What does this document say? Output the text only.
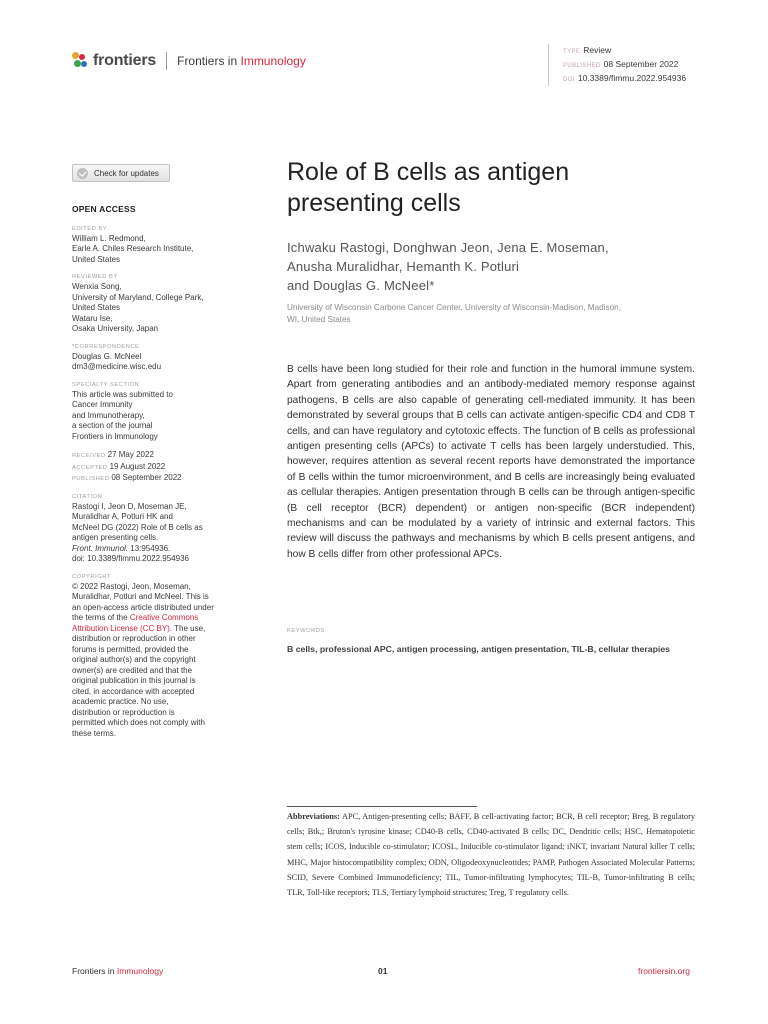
frontiers Frontiers in Immunology
TYPE Review
PUBLISHED 08 September 2022
DOI 10.3389/fimmu.2022.954936
Check for updates
OPEN ACCESS
EDITED BY
William L. Redmond,
Earle A. Chiles Research Institute,
United States
REVIEWED BY
Wenxia Song,
University of Maryland, College Park,
United States
Wataru Ise,
Osaka University, Japan
*CORRESPONDENCE
Douglas G. McNeel
dm3@medicine.wisc.edu
SPECIALTY SECTION
This article was submitted to
Cancer Immunity
and Immunotherapy,
a section of the journal
Frontiers in Immunology
RECEIVED 27 May 2022
ACCEPTED 19 August 2022
PUBLISHED 08 September 2022
CITATION
Rastogi I, Jeon D, Moseman JE,
Muralidhar A, Potluri HK and
McNeel DG (2022) Role of B cells as
antigen presenting cells.
Front. Immunol. 13:954936.
doi: 10.3389/fimmu.2022.954936
COPYRIGHT
© 2022 Rastogi, Jeon, Moseman,
Muralidhar, Potluri and McNeel. This is
an open-access article distributed under
the terms of the Creative Commons
Attribution License (CC BY). The use,
distribution or reproduction in other
forums is permitted, provided the
original author(s) and the copyright
owner(s) are credited and that the
original publication in this journal is
cited, in accordance with accepted
academic practice. No use,
distribution or reproduction is
permitted which does not comply with
these terms.
Role of B cells as antigen
presenting cells
Ichwaku Rastogi, Donghwan Jeon, Jena E. Moseman,
Anusha Muralidhar, Hemanth K. Potluri
and Douglas G. McNeel*
University of Wisconsin Carbone Cancer Center, University of Wisconsin-Madison, Madison,
WI, United States
B cells have been long studied for their role and function in the humoral immune system. Apart from generating antibodies and an antibody-mediated memory response against pathogens, B cells are also capable of generating cell-mediated immunity. It has been demonstrated by several groups that B cells can activate antigen-specific CD4 and CD8 T cells, and can have regulatory and cytotoxic effects. The function of B cells as professional antigen presenting cells (APCs) to activate T cells has been largely understudied. This, however, requires attention as several recent reports have demonstrated the importance of B cells within the tumor microenvironment, and B cells are increasingly being evaluated as cellular therapies. Antigen presentation through B cells can be through antigen-specific (B cell receptor (BCR) dependent) or antigen non-specific (BCR independent) mechanisms and can be modulated by a variety of intrinsic and external factors. This review will discuss the pathways and mechanisms by which B cells present antigens, and how B cells differ from other professional APCs.
KEYWORDS
B cells, professional APC, antigen processing, antigen presentation, TIL-B, cellular therapies
Abbreviations: APC, Antigen-presenting cells; BAFF, B cell-activating factor; BCR, B cell receptor; Breg, B regulatory cells; Btk,; Bruton's tyrosine kinase; CD40-B cells, CD40-activated B cells; DC, Dendritic cells; HSC, Hematopoietic stem cells; ICOS, Inducible co-stimulator; ICOSL, Inducible co-stimulator ligand; iNKT, invariant Natural killer T cells; MHC, Major histocompatibility complex; ODN, Oligodeoxynucleotides; PAMP, Pathogen Associated Molecular Patterns; SCID, Severe Combined Immunodeficiency; TIL, Tumor-infiltrating lymphocytes; TIL-B, Tumor-infiltrating B cells; TLR, Toll-like receptors; TLS, Tertiary lymphoid structures; Treg, T regulatory cells.
Frontiers in Immunology	01	frontiersin.org
